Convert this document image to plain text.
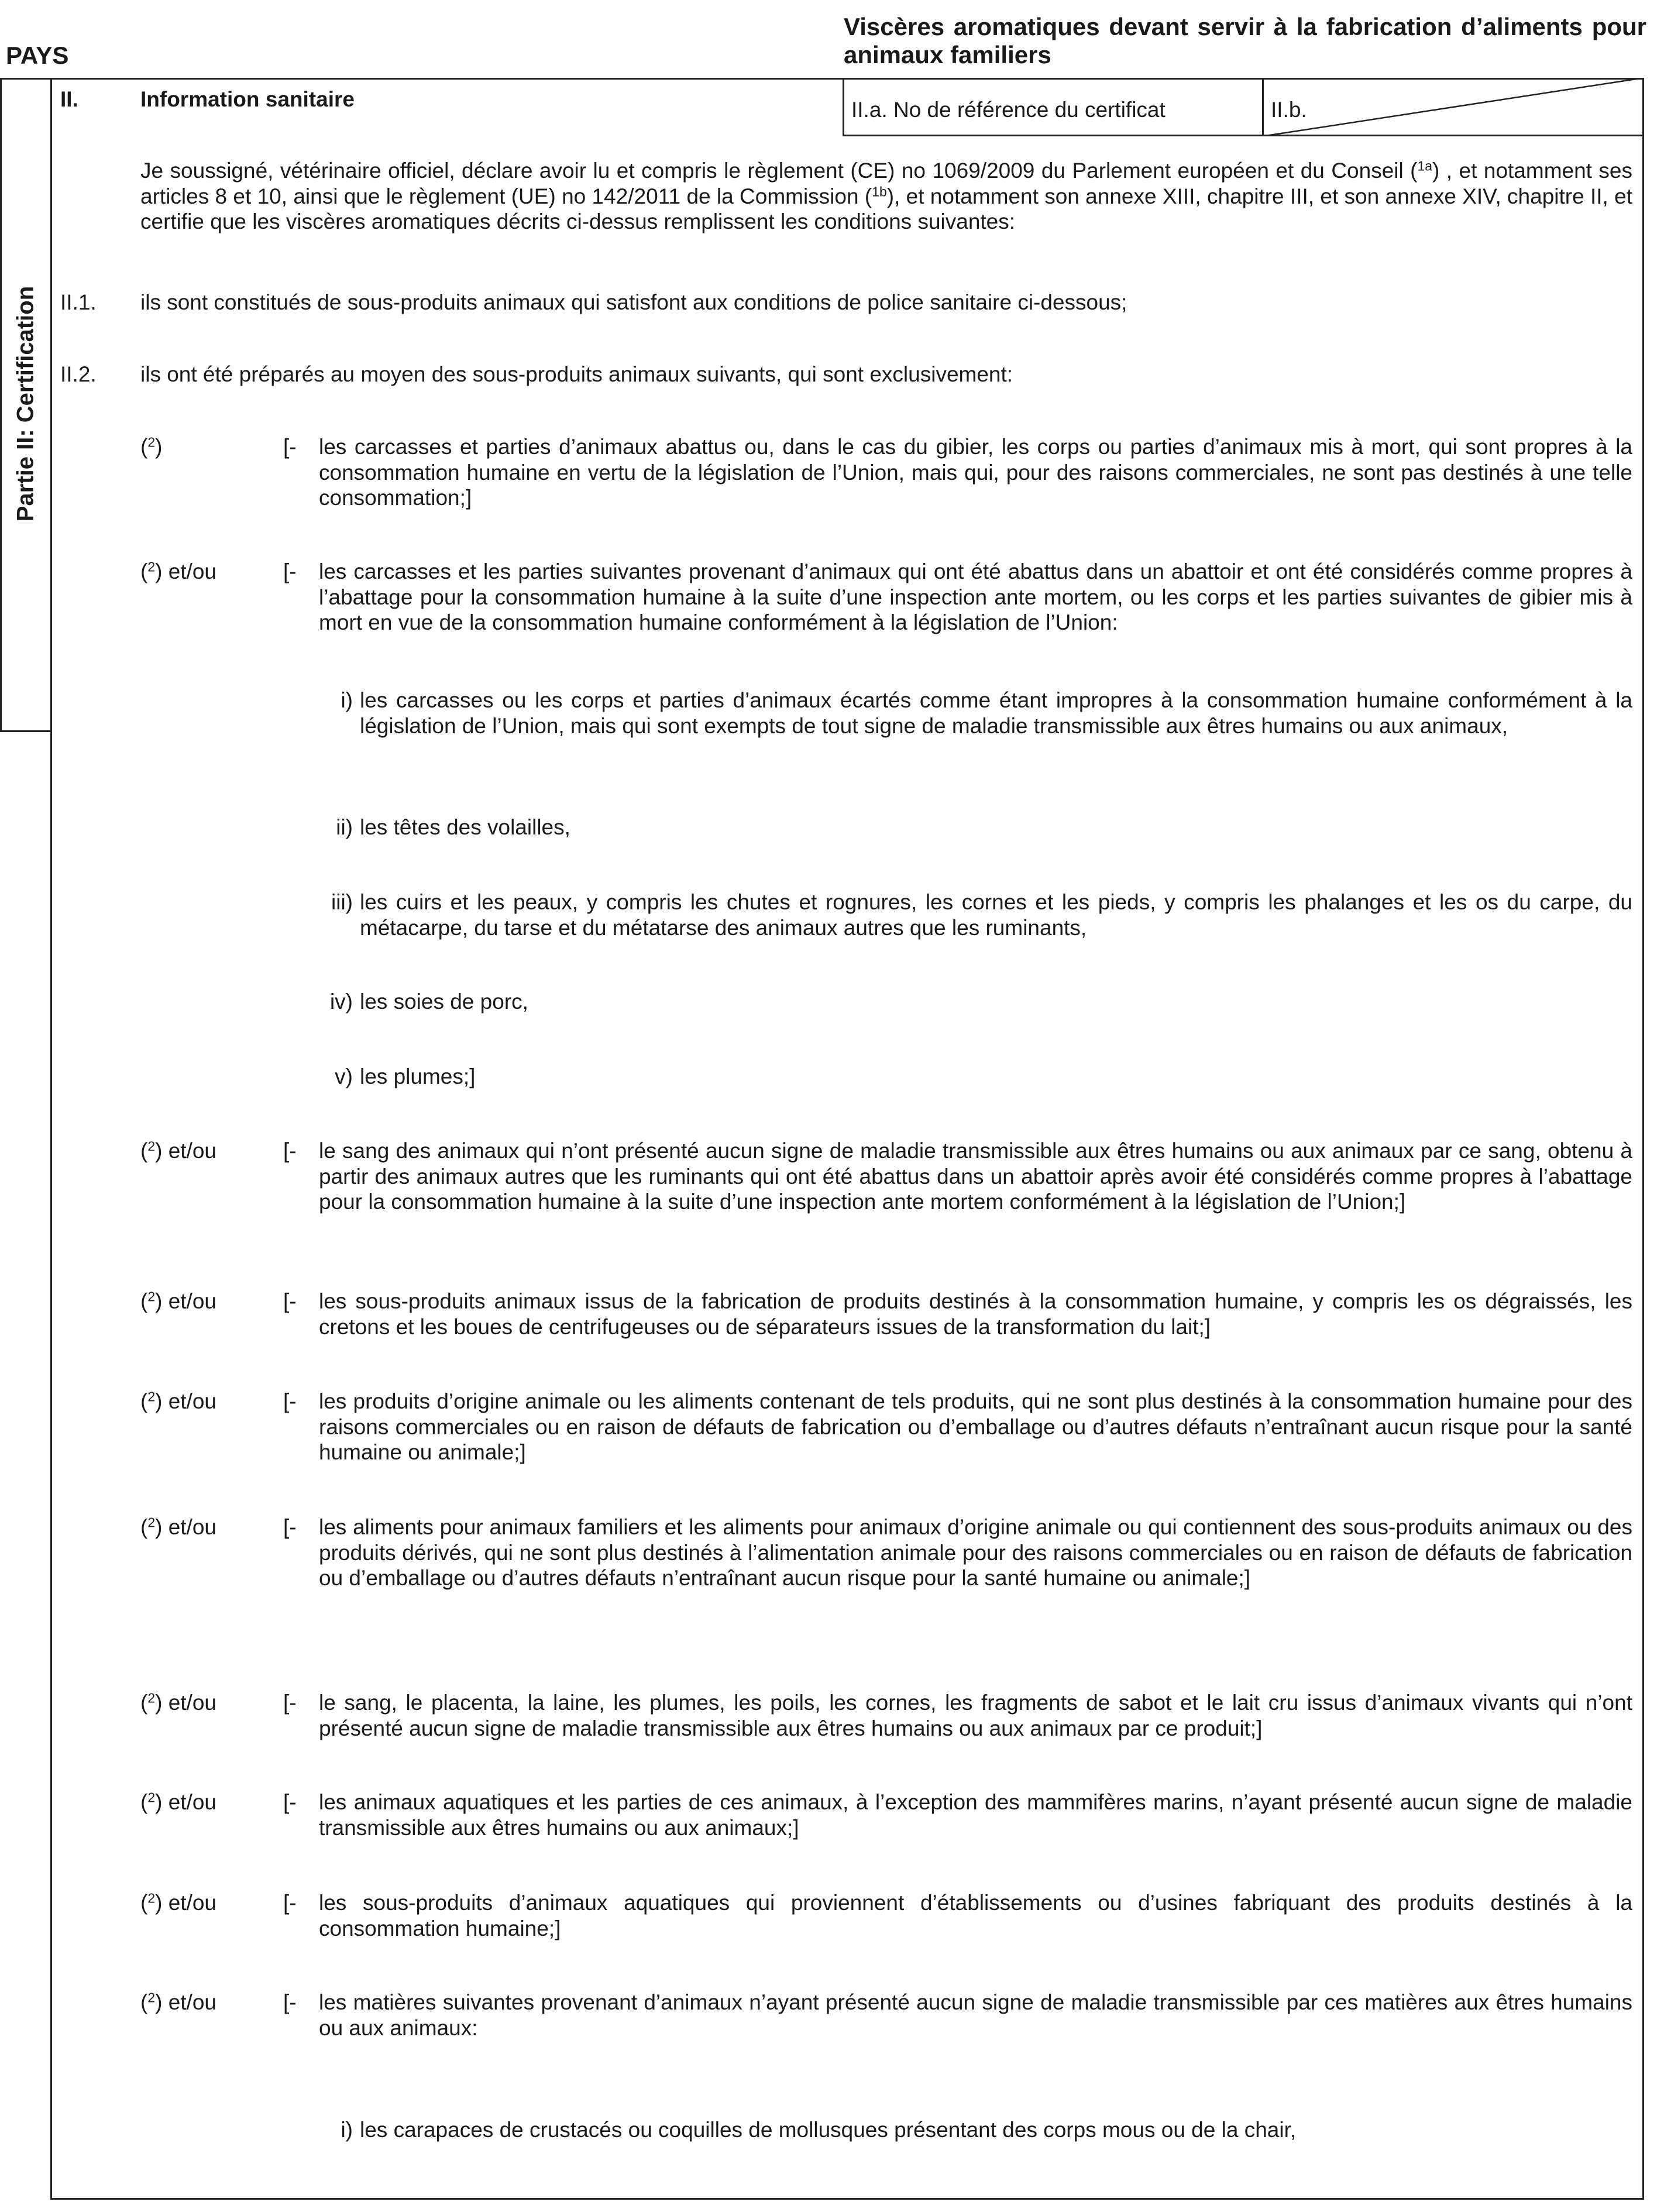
PAYS
Viscères aromatiques devant servir à la fabrication d’aliments pour animaux familiers
Partie II: Certification
II.	Information sanitaire	II.a. No de référence du certificat	II.b.
Je soussigné, vétérinaire officiel, déclare avoir lu et compris le règlement (CE) no 1069/2009 du Parlement européen et du Conseil ($^{1a}$) , et notamment ses articles 8 et 10, ainsi que le règlement (UE) no 142/2011 de la Commission ($^{1b}$), et notamment son annexe XIII, chapitre III, et son annexe XIV, chapitre II, et certifie que les viscères aromatiques décrits ci-dessus remplissent les conditions suivantes:
II.1. ils sont constitués de sous-produits animaux qui satisfont aux conditions de police sanitaire ci-dessous;
II.2. ils ont été préparés au moyen des sous-produits animaux suivants, qui sont exclusivement:
($^2$)	[- les carcasses et parties d’animaux abattus ou, dans le cas du gibier, les corps ou parties d’animaux mis à mort, qui sont propres à la consommation humaine en vertu de la législation de l’Union, mais qui, pour des raisons commerciales, ne sont pas destinés à une telle consommation;]
($^2$) et/ou	[- les carcasses et les parties suivantes provenant d’animaux qui ont été abattus dans un abattoir et ont été considérés comme propres à l’abattage pour la consommation humaine à la suite d’une inspection ante mortem, ou les corps et les parties suivantes de gibier mis à mort en vue de la consommation humaine conformément à la législation de l’Union:
i) les carcasses ou les corps et parties d’animaux écartés comme étant impropres à la consommation humaine conformément à la législation de l’Union, mais qui sont exempts de tout signe de maladie transmissible aux êtres humains ou aux animaux,
ii) les têtes des volailles,
iii) les cuirs et les peaux, y compris les chutes et rognures, les cornes et les pieds, y compris les phalanges et les os du carpe, du métacarpe, du tarse et du métatarse des animaux autres que les ruminants,
iv) les soies de porc,
v) les plumes;]
($^2$) et/ou	[- le sang des animaux qui n’ont présenté aucun signe de maladie transmissible aux êtres humains ou aux animaux par ce sang, obtenu à partir des animaux autres que les ruminants qui ont été abattus dans un abattoir après avoir été considérés comme propres à l’abattage pour la consommation humaine à la suite d’une inspection ante mortem conformément à la législation de l’Union;]
($^2$) et/ou	[- les sous-produits animaux issus de la fabrication de produits destinés à la consommation humaine, y compris les os dégraissés, les cretons et les boues de centrifugeuses ou de séparateurs issues de la transformation du lait;]
($^2$) et/ou	[- les produits d’origine animale ou les aliments contenant de tels produits, qui ne sont plus destinés à la consommation humaine pour des raisons commerciales ou en raison de défauts de fabrication ou d’emballage ou d’autres défauts n’entraînant aucun risque pour la santé humaine ou animale;]
($^2$) et/ou	[- les aliments pour animaux familiers et les aliments pour animaux d’origine animale ou qui contiennent des sous-produits animaux ou des produits dérivés, qui ne sont plus destinés à l’alimentation animale pour des raisons commerciales ou en raison de défauts de fabrication ou d’emballage ou d’autres défauts n’entraînant aucun risque pour la santé humaine ou animale;]
($^2$) et/ou	[- le sang, le placenta, la laine, les plumes, les poils, les cornes, les fragments de sabot et le lait cru issus d’animaux vivants qui n’ont présenté aucun signe de maladie transmissible aux êtres humains ou aux animaux par ce produit;]
($^2$) et/ou	[- les animaux aquatiques et les parties de ces animaux, à l’exception des mammifères marins, n’ayant présenté aucun signe de maladie transmissible aux êtres humains ou aux animaux;]
($^2$) et/ou	[- les sous-produits d’animaux aquatiques qui proviennent d’établissements ou d’usines fabriquant des produits destinés à la consommation humaine;]
($^2$) et/ou	[- les matières suivantes provenant d’animaux n’ayant présenté aucun signe de maladie transmissible par ces matières aux êtres humains ou aux animaux:
i) les carapaces de crustacés ou coquilles de mollusques présentant des corps mous ou de la chair,
